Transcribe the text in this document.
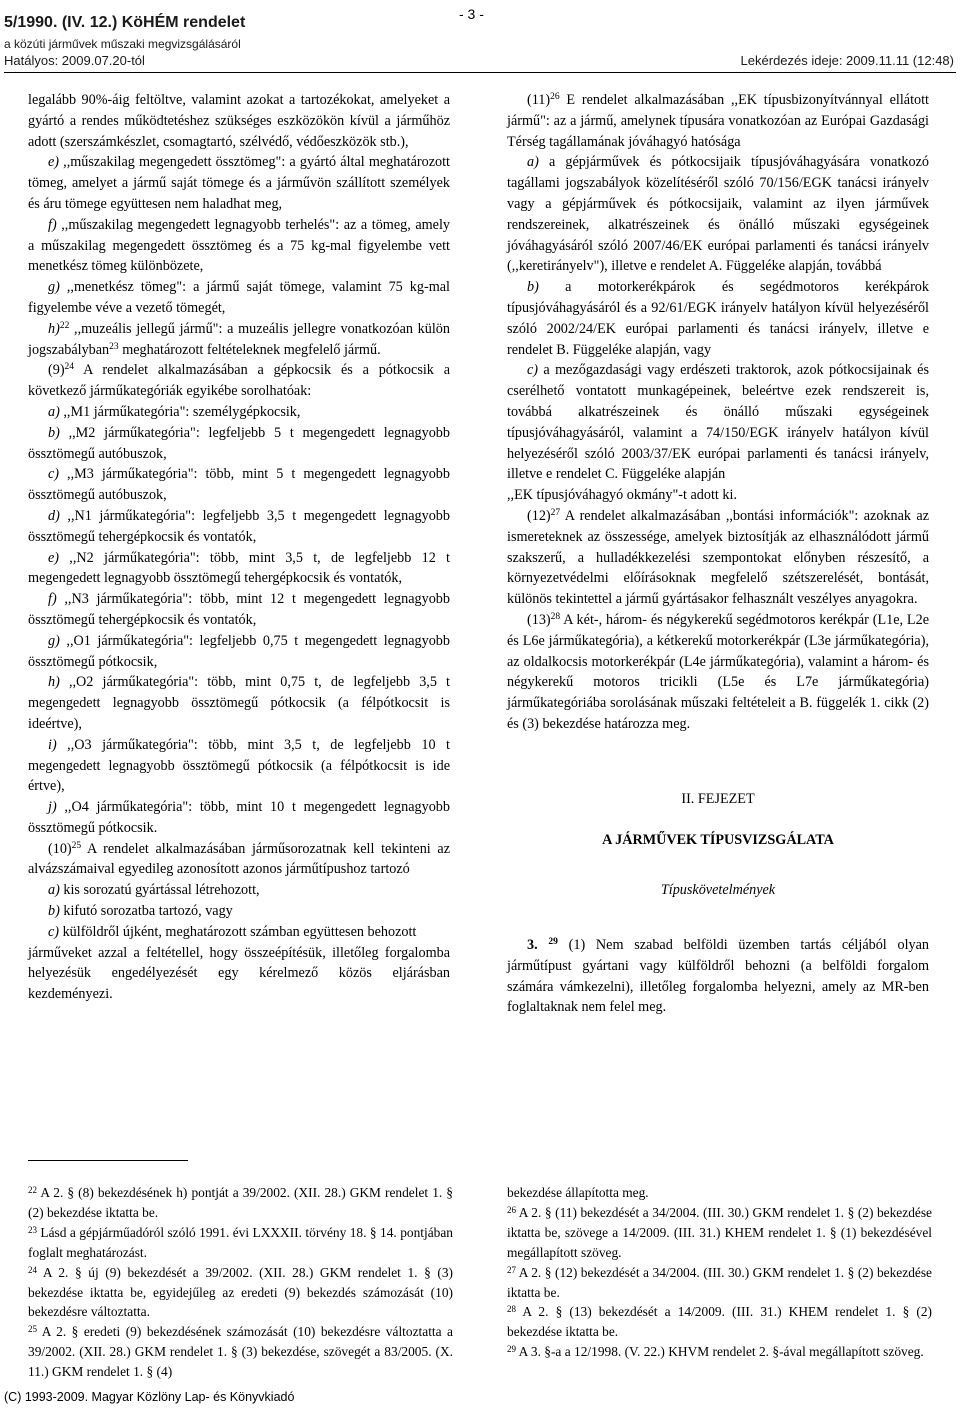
5/1990. (IV. 12.) KöHÉM rendelet
a közúti járművek műszaki megvizsgálásáról
Hatályos: 2009.07.20-tól
- 3 -
Lekérdezés ideje: 2009.11.11 (12:48)

legalább 90%-áig feltöltve, valamint azokat a tartozékokat, amelyeket a gyártó a rendes működtetéshez szükséges eszközökön kívül a járműhöz adott (szerszámkészlet, csomagtartó, szélvédő, védőeszközök stb.),

e) ,,műszakilag megengedett össztömeg": a gyártó által meghatározott tömeg, amelyet a jármű saját tömege és a járművön szállított személyek és áru tömege együttesen nem haladhat meg,

f) ,,műszakilag megengedett legnagyobb terhelés": az a tömeg, amely a műszakilag megengedett össztömeg és a 75 kg-mal figyelembe vett menetkész tömeg különbözete,

g) ,,menetkész tömeg": a jármű saját tömege, valamint 75 kg-mal figyelembe véve a vezető tömegét,

h)$^{22}$ ,,muzeális jellegű jármű": a muzeális jellegre vonatkozóan külön jogszabályban$^{23}$ meghatározott feltételeknek megfelelő jármű.

$(9)^{24}$ A rendelet alkalmazásában a gépkocsik és a pótkocsik a következő járműkategóriák egyikébe sorolhatóak:

a) ,,M1 járműkategória": személygépkocsik,

b) ,,M2 járműkategória": legfeljebb 5 t megengedett legnagyobb össztömegű autóbuszok,

c) ,,M3 járműkategória": több, mint 5 t megengedett legnagyobb össztömegű autóbuszok,

d) ,,N1 járműkategória": legfeljebb 3,5 t megengedett legnagyobb össztömegű tehergépkocsik és vontatók,

e) ,,N2 járműkategória": több, mint 3,5 t, de legfeljebb 12 t megengedett legnagyobb össztömegű tehergépkocsik és vontatók,

f) ,,N3 járműkategória": több, mint 12 t megengedett legnagyobb össztömegű tehergépkocsik és vontatók,

g) ,,O1 járműkategória": legfeljebb 0,75 t megengedett legnagyobb össztömegű pótkocsik,

h) ,,O2 járműkategória": több, mint 0,75 t, de legfeljebb 3,5 t megengedett legnagyobb össztömegű pótkocsik (a félpótkocsit is ideértve),

i) ,,O3 járműkategória": több, mint 3,5 t, de legfeljebb 10 t megengedett legnagyobb össztömegű pótkocsik (a félpótkocsit is ide értve),

j) ,,O4 járműkategória": több, mint 10 t megengedett legnagyobb össztömegű pótkocsik.

$(10)^{25}$ A rendelet alkalmazásában járműsorozatnak kell tekinteni az alvázszámaival egyedileg azonosított azonos járműtípushoz tartozó

a) kis sorozatú gyártással létrehozott,

b) kifutó sorozatba tartozó, vagy

c) külföldről újként, meghatározott számban együttesen behozott

járműveket azzal a feltétellel, hogy összeépítésük, illetőleg forgalomba helyezésük engedélyezését egy kérelmező közös eljárásban kezdeményezi.

$(11)^{26}$ E rendelet alkalmazásában ,,EK típusbizonyítvánnyal ellátott jármű": az a jármű, amelynek típusára vonatkozóan az Európai Gazdasági Térség tagállamának jóváhagyó hatósága

a) a gépjárművek és pótkocsijaik típusjóváhagyására vonatkozó tagállami jogszabályok közelítéséről szóló 70/156/EGK tanácsi irányelv vagy a gépjárművek és pótkocsijaik, valamint az ilyen járművek rendszereinek, alkatrészeinek és önálló műszaki egységeinek jóváhagyásáról szóló 2007/46/EK európai parlamenti és tanácsi irányelv (,,keretirányelv"), illetve e rendelet A. Függeléke alapján, továbbá

b) a motorkerékpárok és segédmotoros kerékpárok típusjóváhagyásáról és a 92/61/EGK irányelv hatályon kívül helyezéséről szóló 2002/24/EK európai parlamenti és tanácsi irányelv, illetve e rendelet B. Függeléke alapján, vagy

c) a mezőgazdasági vagy erdészeti traktorok, azok pótkocsijainak és cserélhető vontatott munkagépeinek, beleértve ezek rendszereit is, továbbá alkatrészeinek és önálló műszaki egységeinek típusjóváhagyásáról, valamint a 74/150/EGK irányelv hatályon kívül helyezéséről szóló 2003/37/EK európai parlamenti és tanácsi irányelv, illetve e rendelet C. Függeléke alapján

,,EK típusjóváhagyó okmány"-t adott ki.

$(12)^{27}$ A rendelet alkalmazásában ,,bontási információk": azoknak az ismereteknek az összessége, amelyek biztosítják az elhasználódott jármű szakszerű, a hulladékkezelési szempontokat előnyben részesítő, a környezetvédelmi előírásoknak megfelelő szétszerelését, bontását, különös tekintettel a jármű gyártásakor felhasznált veszélyes anyagokra.

$(13)^{28}$ A két-, három- és négykerekű segédmotoros kerékpár (L1e, L2e és L6e járműkategória), a kétkerekű motorkerékpár (L3e járműkategória), az oldalkocsis motorkerékpár (L4e járműkategória), valamint a három- és négykerekű motoros tricikli (L5e és L7e járműkategória) járműkategóriába sorolásának műszaki feltételeit a B. függelék 1. cikk (2) és (3) bekezdése határozza meg.

II. FEJEZET

A JÁRMŰVEK TÍPUSVIZSGÁLATA

Típuskövetelmények

3. $^{29}$ (1) Nem szabad belföldi üzemben tartás céljából olyan járműtípust gyártani vagy külföldről behozni (a belföldi forgalom számára vámkezelni), illetőleg forgalomba helyezni, amely az MR-ben foglaltaknak nem felel meg.

$^{22}$ A 2. § (8) bekezdésének h) pontját a 39/2002. (XII. 28.) GKM rendelet 1. § (2) bekezdése iktatta be.

$^{23}$ Lásd a gépjárműadóról szóló 1991. évi LXXXII. törvény 18. § 14. pontjában foglalt meghatározást.

$^{24}$ A 2. § új (9) bekezdését a 39/2002. (XII. 28.) GKM rendelet 1. § (3) bekezdése iktatta be, egyidejűleg az eredeti (9) bekezdés számozását (10) bekezdésre változtatta.

$^{25}$ A 2. § eredeti (9) bekezdésének számozását (10) bekezdésre változtatta a 39/2002. (XII. 28.) GKM rendelet 1. § (3) bekezdése, szövegét a 83/2005. (X. 11.) GKM rendelet 1. § (4)

bekezdése állapította meg.

$^{26}$ A 2. § (11) bekezdését a 34/2004. (III. 30.) GKM rendelet 1. § (2) bekezdése iktatta be, szövege a 14/2009. (III. 31.) KHEM rendelet 1. § (1) bekezdésével megállapított szöveg.

$^{27}$ A 2. § (12) bekezdését a 34/2004. (III. 30.) GKM rendelet 1. § (2) bekezdése iktatta be.

$^{28}$ A 2. § (13) bekezdését a 14/2009. (III. 31.) KHEM rendelet 1. § (2) bekezdése iktatta be.

$^{29}$ A 3. §-a a 12/1998. (V. 22.) KHVM rendelet 2. §-ával megállapított szöveg.

(C) 1993-2009. Magyar Közlöny Lap- és Könyvkiadó
